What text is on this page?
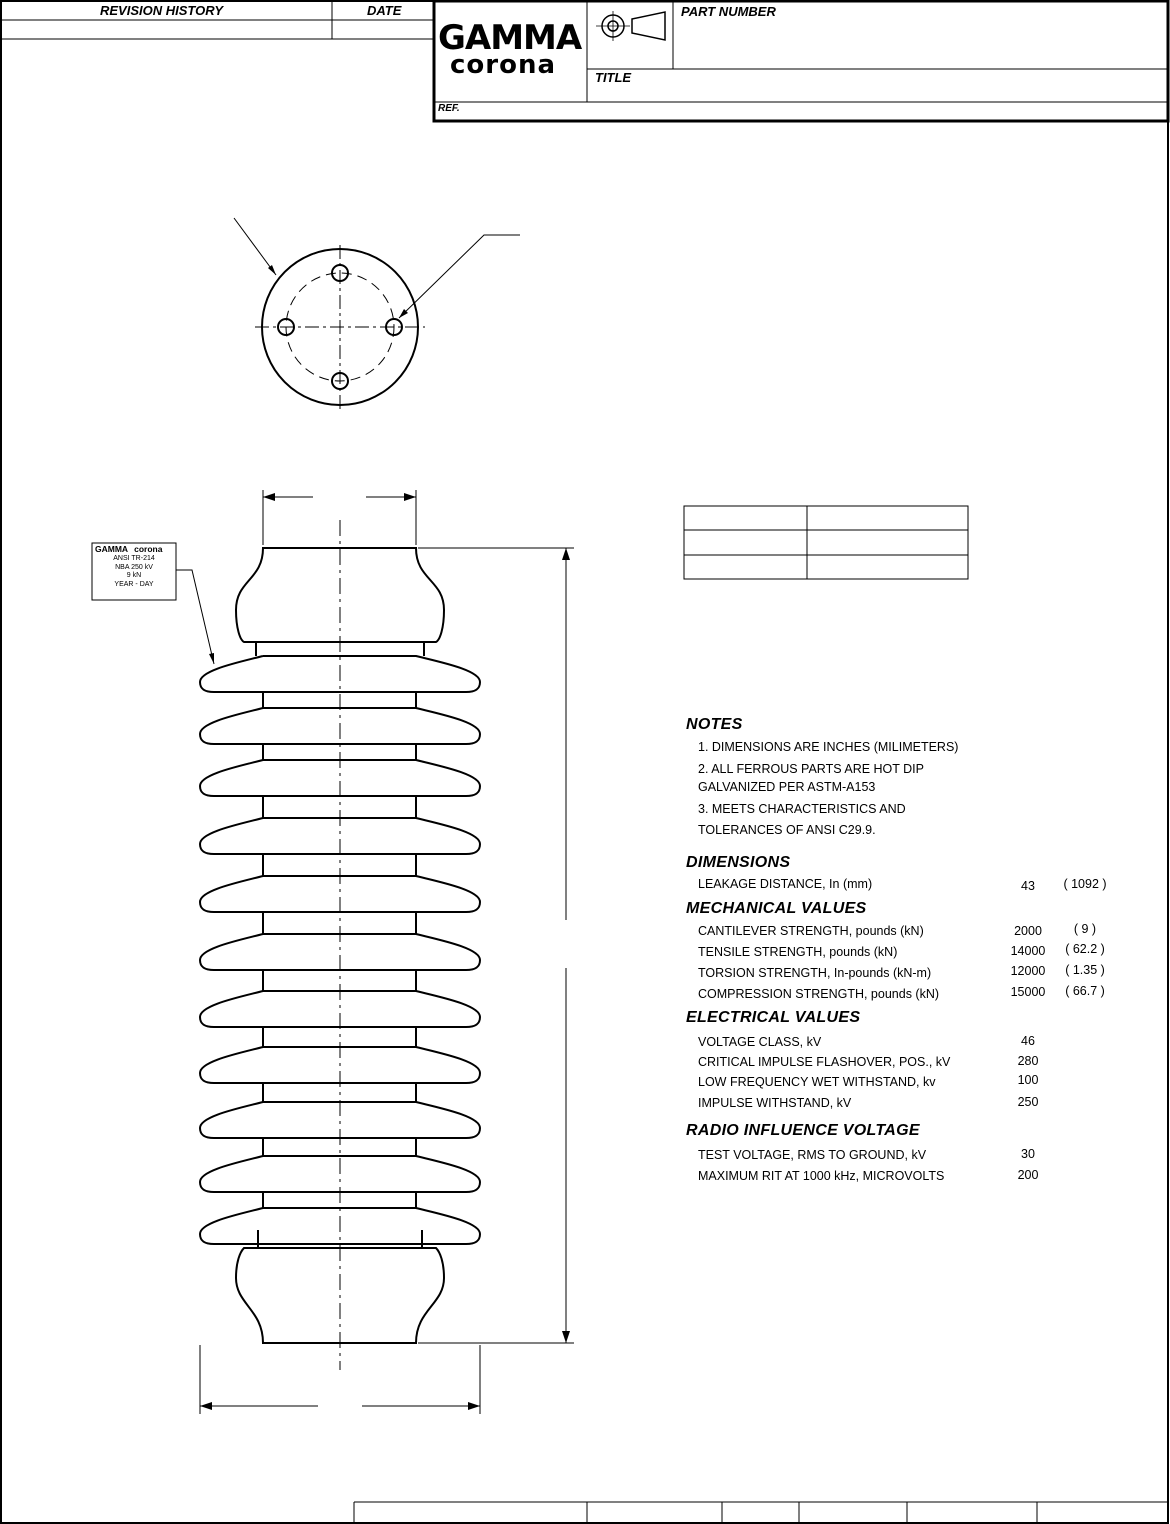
REVISION HISTORY	DATE
GAMMA
corona
PART NUMBER
TITLE
REF.
GAMMA corona
ANSI TR-214
NBA 250 kV
9 kN
YEAR - DAY
NOTES
1. DIMENSIONS ARE INCHES (MILIMETERS)
2. ALL FERROUS PARTS ARE HOT DIP
GALVANIZED PER ASTM-A153
3. MEETS CHARACTERISTICS AND
TOLERANCES OF ANSI C29.9.
DIMENSIONS
LEAKAGE DISTANCE, In (mm)	43	( 1092 )
MECHANICAL VALUES
CANTILEVER STRENGTH, pounds (kN)	2000	( 9 )
TENSILE STRENGTH, pounds (kN)	14000	( 62.2 )
TORSION STRENGTH, In-pounds (kN-m)	12000	( 1.35 )
COMPRESSION STRENGTH, pounds (kN)	15000	( 66.7 )
ELECTRICAL VALUES
VOLTAGE CLASS, kV	46
CRITICAL IMPULSE FLASHOVER, POS., kV	280
LOW FREQUENCY WET WITHSTAND, kv	100
IMPULSE WITHSTAND, kV	250
RADIO INFLUENCE VOLTAGE
TEST VOLTAGE, RMS TO GROUND, kV	30
MAXIMUM RIT AT 1000 kHz, MICROVOLTS	200
